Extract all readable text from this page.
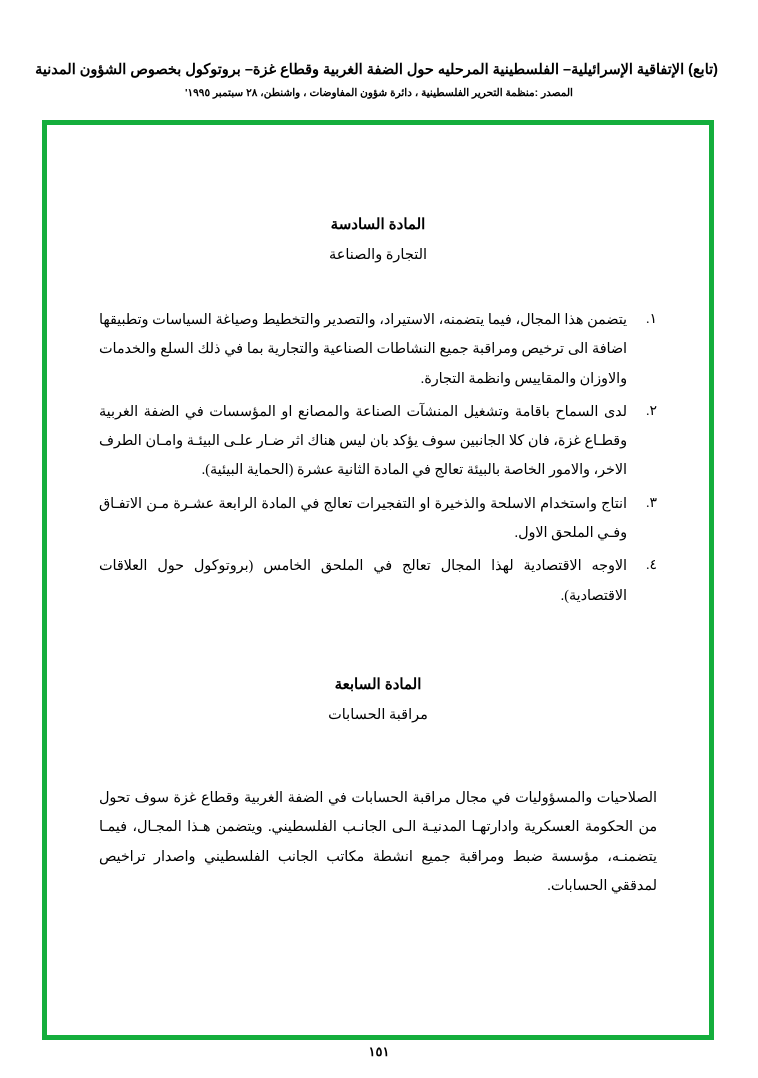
(تابع) الإتفاقية الإسرائيلية– الفلسطينية المرحليه حول الضفة الغربية وقطاع غزة– بروتوكول بخصوص الشؤون المدنية
المصدر :منظمة التحرير الفلسطينية ، دائرة شؤون المفاوضات ، واشنطن، ٢٨ سبتمبر ١٩٩٥'
المادة السادسة
التجارة والصناعة
١.
يتضمن هذا المجال، فيما يتضمنه، الاستيراد، والتصدير والتخطيط وصياغة السياسات وتطبيقها اضافة الى ترخيص ومراقبة جميع النشاطات الصناعية والتجارية بما في ذلك السلع والخدمات والاوزان والمقاييس وانظمة التجارة.
٢.
لدى السماح باقامة وتشغيل المنشآت الصناعة والمصانع او المؤسسات في الضفة الغربية وقطـاع غزة، فان كلا الجانبين سوف يؤكد بان ليس هناك اثر ضـار علـى البيئـة وامـان الطرف الاخر، والامور الخاصة بالبيئة تعالج في المادة الثانية عشرة (الحماية البيئية).
٣.
انتاج واستخدام الاسلحة والذخيرة او التفجيرات تعالج في المادة الرابعة عشـرة مـن الاتفـاق وفـي الملحق الاول.
٤.
الاوجه الاقتصادية لهذا المجال تعالج في الملحق الخامس (بروتوكول حول العلاقات الاقتصادية).
المادة السابعة
مراقبة الحسابات

الصلاحيات والمسؤوليات في مجال مراقبة الحسابات في الضفة الغربية وقطاع غزة سوف تحول من الحكومة العسكرية وادارتهـا المدنيـة الـى الجانـب الفلسطيني. ويتضمن هـذا المجـال، فيمـا يتضمنـه، مؤسسة ضبط ومراقبة جميع انشطة مكاتب الجانب الفلسطيني واصدار تراخيص لمدققي الحسابات.

١٥١
